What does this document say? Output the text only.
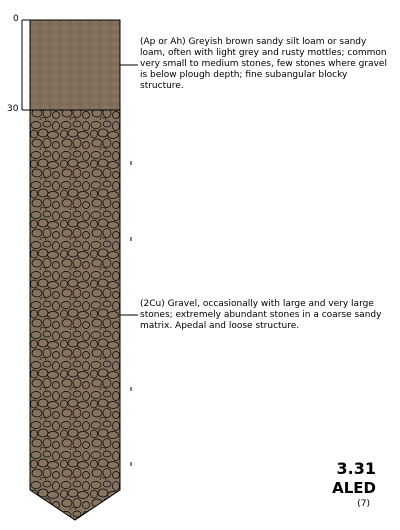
0
30
(Ap or Ah) Greyish brown sandy silt loam or sandy loam, often with light grey and rusty mottles; common very small to medium stones, few stones where gravel is below plough depth; fine subangular blocky structure.
(2Cu) Gravel, occasionally with large and very large stones; extremely abundant stones in a coarse sandy matrix. Apedal and loose structure.
3.31
ALED
(7)
